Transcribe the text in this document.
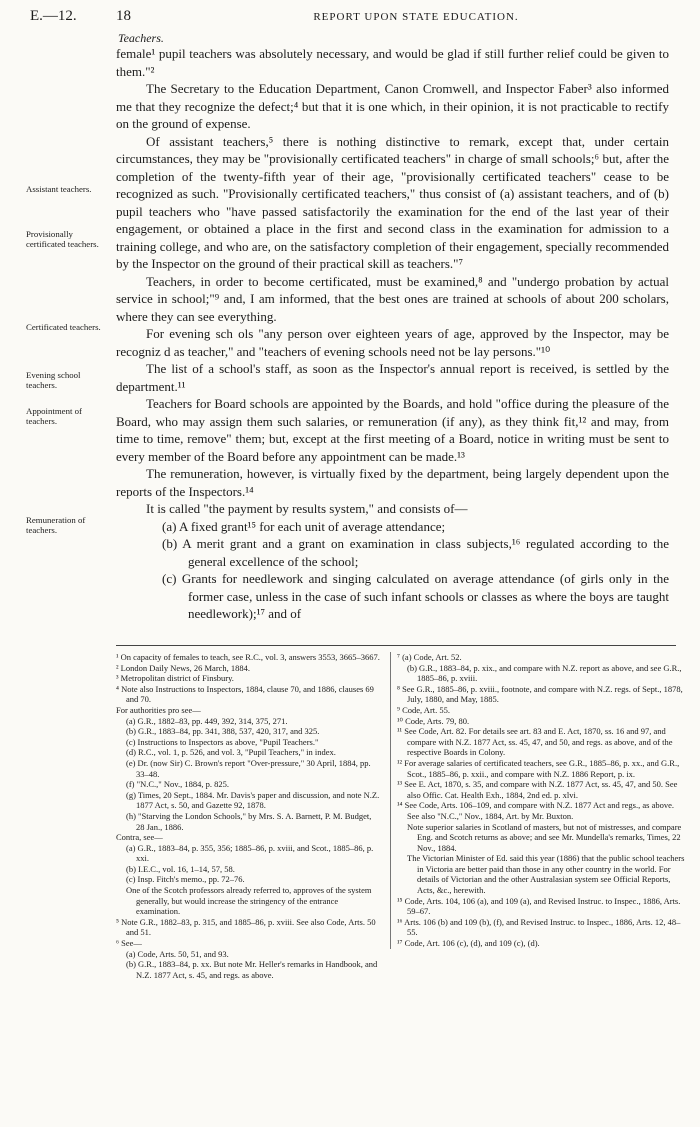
E.—12.	18	REPORT UPON STATE EDUCATION.
Teachers.
Assistant teachers.
Provisionally certificated teachers.
Certificated teachers.
Evening school teachers.
Appointment of teachers.
Remuneration of teachers.

female¹ pupil teachers was absolutely necessary, and would be glad if still further relief could be given to them."²

The Secretary to the Education Department, Canon Cromwell, and Inspector Faber³ also informed me that they recognize the defect;⁴ but that it is one which, in their opinion, it is not practicable to rectify on the ground of expense.

Of assistant teachers,⁵ there is nothing distinctive to remark, except that, under certain circumstances, they may be "provisionally certificated teachers" in charge of small schools;⁶ but, after the completion of the twenty-fifth year of their age, "provisionally certificated teachers" cease to be recognized as such. "Provisionally certificated teachers," thus consist of (a) assistant teachers, and of (b) pupil teachers who "have passed satisfactorily the examination for the end of the last year of their engagement, or obtained a place in the first and second class in the examination for admission to a training college, and who are, on the satisfactory completion of their engagement, specially recommended by the Inspector on the ground of their practical skill as teachers."⁷

Teachers, in order to become certificated, must be examined,⁸ and "undergo probation by actual service in school;"⁹ and, I am informed, that the best ones are trained at schools of about 200 scholars, where they can see everything.

For evening sch ols "any person over eighteen years of age, approved by the Inspector, may be recogniz d as teacher," and "teachers of evening schools need not be lay persons."¹⁰

The list of a school's staff, as soon as the Inspector's annual report is received, is settled by the department.¹¹

Teachers for Board schools are appointed by the Boards, and hold "office during the pleasure of the Board, who may assign them such salaries, or remuneration (if any), as they think fit,¹² and may, from time to time, remove" them; but, except at the first meeting of a Board, notice in writing must be sent to every member of the Board before any appointment can be made.¹³

The remuneration, however, is virtually fixed by the department, being largely dependent upon the reports of the Inspectors.¹⁴

It is called "the payment by results system," and consists of—

(a) A fixed grant¹⁵ for each unit of average attendance;

(b) A merit grant and a grant on examination in class subjects,¹⁶ regulated according to the general excellence of the school;

(c) Grants for needlework and singing calculated on average attendance (of girls only in the former case, unless in the case of such infant schools or classes as where the boys are taught needlework);¹⁷ and of

¹ On capacity of females to teach, see R.C., vol. 3, answers 3553, 3665–3667.

² London Daily News, 26 March, 1884.

³ Metropolitan district of Finsbury.

⁴ Note also Instructions to Inspectors, 1884, clause 70, and 1886, clauses 69 and 70.

For authorities pro see—

(a) G.R., 1882–83, pp. 449, 392, 314, 375, 271.

(b) G.R., 1883–84, pp. 341, 388, 537, 420, 317, and 325.

(c) Instructions to Inspectors as above, "Pupil Teachers."

(d) R.C., vol. 1, p. 526, and vol. 3, "Pupil Teachers," in index.

(e) Dr. (now Sir) C. Brown's report "Over-pressure," 30 April, 1884, pp. 33–48.

(f) "N.C.," Nov., 1884, p. 825.

(g) Times, 20 Sept., 1884. Mr. Davis's paper and discussion, and note N.Z. 1877 Act, s. 50, and Gazette 92, 1878.

(h) "Starving the London Schools," by Mrs. S. A. Barnett, P. M. Budget, 28 Jan., 1886.

Contra, see—

(a) G.R., 1883–84, p. 355, 356; 1885–86, p. xviii, and Scot., 1885–86, p. xxi.

(b) I.E.C., vol. 16, 1–14, 57, 58.

(c) Insp. Fitch's memo., pp. 72–76.

One of the Scotch professors already referred to, approves of the system generally, but would increase the stringency of the entrance examination.

⁵ Note G.R., 1882–83, p. 315, and 1885–86, p. xviii. See also Code, Arts. 50 and 51.

⁶ See—

(a) Code, Arts. 50, 51, and 93.

(b) G.R., 1883–84, p. xx. But note Mr. Heller's remarks in Handbook, and N.Z. 1877 Act, s. 45, and regs. as above.

⁷ (a) Code, Art. 52.

(b) G.R., 1883–84, p. xix., and compare with N.Z. report as above, and see G.R., 1885–86, p. xviii.

⁸ See G.R., 1885–86, p. xviii., footnote, and compare with N.Z. regs. of Sept., 1878, July, 1880, and May, 1885.

⁹ Code, Art. 55.

¹⁰ Code, Arts. 79, 80.

¹¹ See Code, Art. 82. For details see art. 83 and E. Act, 1870, ss. 16 and 97, and compare with N.Z. 1877 Act, ss. 45, 47, and 50, and regs. as above, and of the respective Boards in Colony.

¹² For average salaries of certificated teachers, see G.R., 1885–86, p. xx., and G.R., Scot., 1885–86, p. xxii., and compare with N.Z. 1886 Report, p. ix.

¹³ See E. Act, 1870, s. 35, and compare with N.Z. 1877 Act, ss. 45, 47, and 50. See also Offic. Cat. Health Exh., 1884, 2nd ed. p. xlvi.

¹⁴ See Code, Arts. 106–109, and compare with N.Z. 1877 Act and regs., as above. See also "N.C.," Nov., 1884, Art. by Mr. Buxton.

Note superior salaries in Scotland of masters, but not of mistresses, and compare Eng. and Scotch returns as above; and see Mr. Mundella's remarks, Times, 22 Nov., 1884.

The Victorian Minister of Ed. said this year (1886) that the public school teachers in Victoria are better paid than those in any other country in the world. For details of Victorian and the other Australasian system see Official Reports, Acts, &c., herewith.

¹⁵ Code, Arts. 104, 106 (a), and 109 (a), and Revised Instruc. to Inspec., 1886, Arts. 59–67.

¹⁶ Arts. 106 (b) and 109 (b), (f), and Revised Instruc. to Inspec., 1886, Arts. 12, 48–55.

¹⁷ Code, Art. 106 (c), (d), and 109 (c), (d).
